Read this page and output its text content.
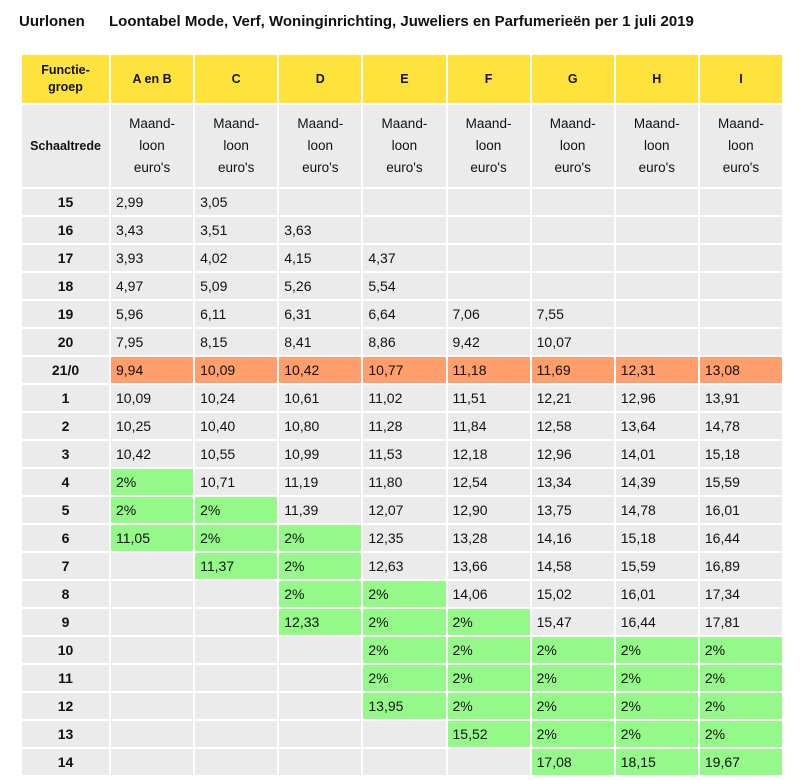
Uurlonen Loontabel Mode, Verf, Woninginrichting, Juweliers en Parfumerieën per 1 juli 2019
Functie-
groep	A en B	C	D	E	F	G	H	I
Schaaltrede	Maand-
loon
euro's	Maand-
loon
euro's	Maand-
loon
euro's	Maand-
loon
euro's	Maand-
loon
euro's	Maand-
loon
euro's	Maand-
loon
euro's	Maand-
loon
euro's
15	2,99	3,05						
16	3,43	3,51	3,63					
17	3,93	4,02	4,15	4,37				
18	4,97	5,09	5,26	5,54				
19	5,96	6,11	6,31	6,64	7,06	7,55		
20	7,95	8,15	8,41	8,86	9,42	10,07		
21/0	9,94	10,09	10,42	10,77	11,18	11,69	12,31	13,08
1	10,09	10,24	10,61	11,02	11,51	12,21	12,96	13,91
2	10,25	10,40	10,80	11,28	11,84	12,58	13,64	14,78
3	10,42	10,55	10,99	11,53	12,18	12,96	14,01	15,18
4	2%	10,71	11,19	11,80	12,54	13,34	14,39	15,59
5	2%	2%	11,39	12,07	12,90	13,75	14,78	16,01
6	11,05	2%	2%	12,35	13,28	14,16	15,18	16,44
7		11,37	2%	12,63	13,66	14,58	15,59	16,89
8			2%	2%	14,06	15,02	16,01	17,34
9			12,33	2%	2%	15,47	16,44	17,81
10				2%	2%	2%	2%	2%
11				2%	2%	2%	2%	2%
12				13,95	2%	2%	2%	2%
13					15,52	2%	2%	2%
14						17,08	18,15	19,67
